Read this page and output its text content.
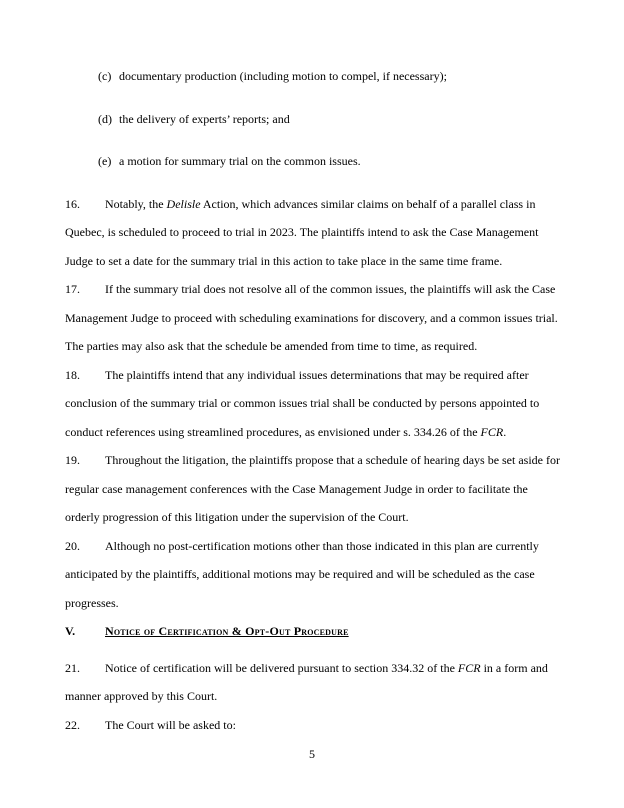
(c) documentary production (including motion to compel, if necessary);
(d) the delivery of experts’ reports; and
(e) a motion for summary trial on the common issues.

16. Notably, the Delisle Action, which advances similar claims on behalf of a parallel class in Quebec, is scheduled to proceed to trial in 2023. The plaintiffs intend to ask the Case Management Judge to set a date for the summary trial in this action to take place in the same time frame.

17. If the summary trial does not resolve all of the common issues, the plaintiffs will ask the Case Management Judge to proceed with scheduling examinations for discovery, and a common issues trial. The parties may also ask that the schedule be amended from time to time, as required.

18. The plaintiffs intend that any individual issues determinations that may be required after conclusion of the summary trial or common issues trial shall be conducted by persons appointed to conduct references using streamlined procedures, as envisioned under s. 334.26 of the FCR.

19. Throughout the litigation, the plaintiffs propose that a schedule of hearing days be set aside for regular case management conferences with the Case Management Judge in order to facilitate the orderly progression of this litigation under the supervision of the Court.

20. Although no post-certification motions other than those indicated in this plan are currently anticipated by the plaintiffs, additional motions may be required and will be scheduled as the case progresses.

V. Notice of Certification & Opt-Out Procedure

21. Notice of certification will be delivered pursuant to section 334.32 of the FCR in a form and manner approved by this Court.

22. The Court will be asked to:

5
